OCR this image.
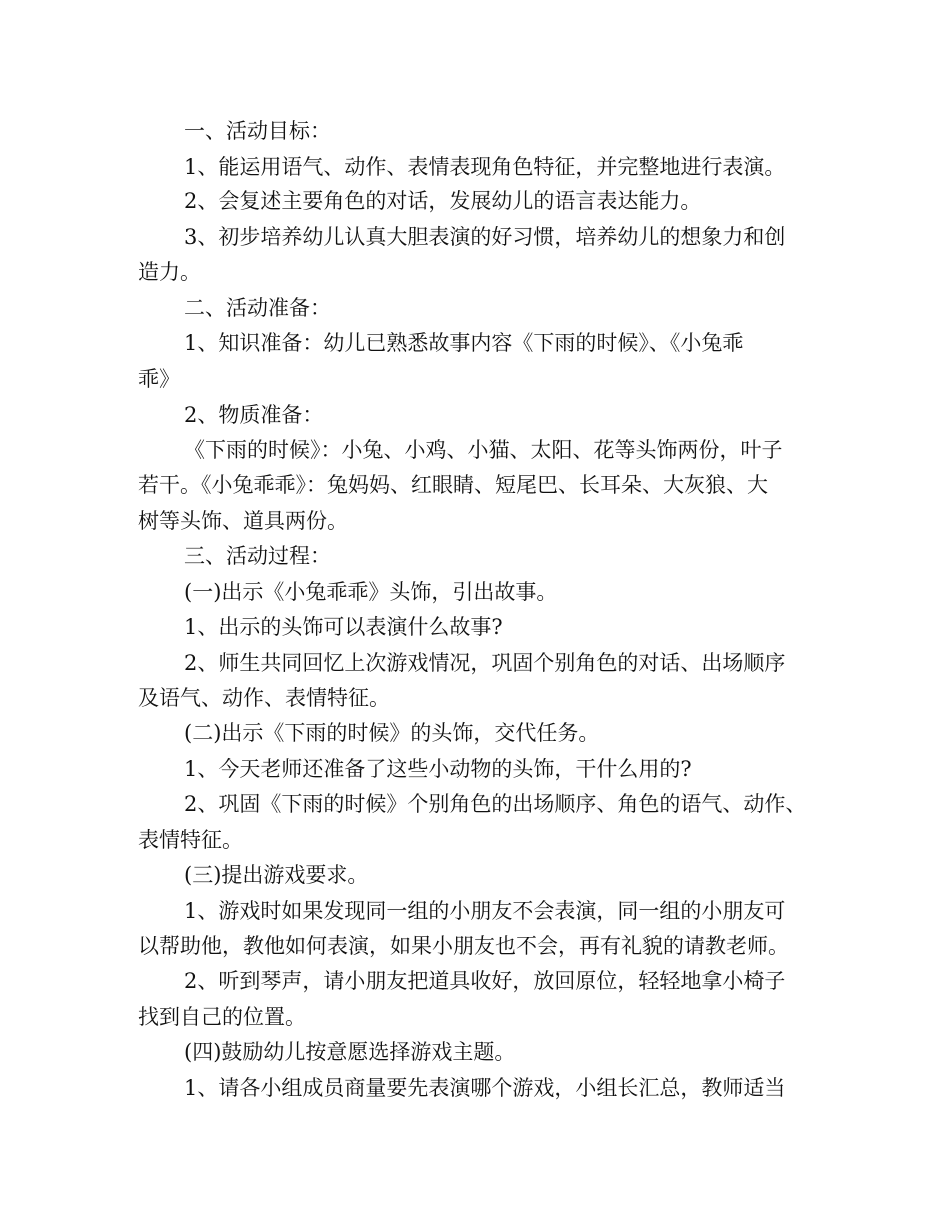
一、活动目标：
1、能运用语气、动作、表情表现角色特征，并完整地进行表演。
2、会复述主要角色的对话，发展幼儿的语言表达能力。
3、初步培养幼儿认真大胆表演的好习惯，培养幼儿的想象力和创
造力。
二、活动准备：
1、知识准备：幼儿已熟悉故事内容《下雨的时候》、《小兔乖
乖》
2、物质准备：
《下雨的时候》：小兔、小鸡、小猫、太阳、花等头饰两份，叶子
若干。《小兔乖乖》：兔妈妈、红眼睛、短尾巴、长耳朵、大灰狼、大
树等头饰、道具两份。
三、活动过程：
(一)出示《小兔乖乖》头饰，引出故事。
1、出示的头饰可以表演什么故事?
2、师生共同回忆上次游戏情况，巩固个别角色的对话、出场顺序
及语气、动作、表情特征。
(二)出示《下雨的时候》的头饰，交代任务。
1、今天老师还准备了这些小动物的头饰，干什么用的?
2、巩固《下雨的时候》个别角色的出场顺序、角色的语气、动作、
表情特征。
(三)提出游戏要求。
1、游戏时如果发现同一组的小朋友不会表演，同一组的小朋友可
以帮助他，教他如何表演，如果小朋友也不会，再有礼貌的请教老师。
2、听到琴声，请小朋友把道具收好，放回原位，轻轻地拿小椅子
找到自己的位置。
(四)鼓励幼儿按意愿选择游戏主题。
1、请各小组成员商量要先表演哪个游戏，小组长汇总，教师适当
